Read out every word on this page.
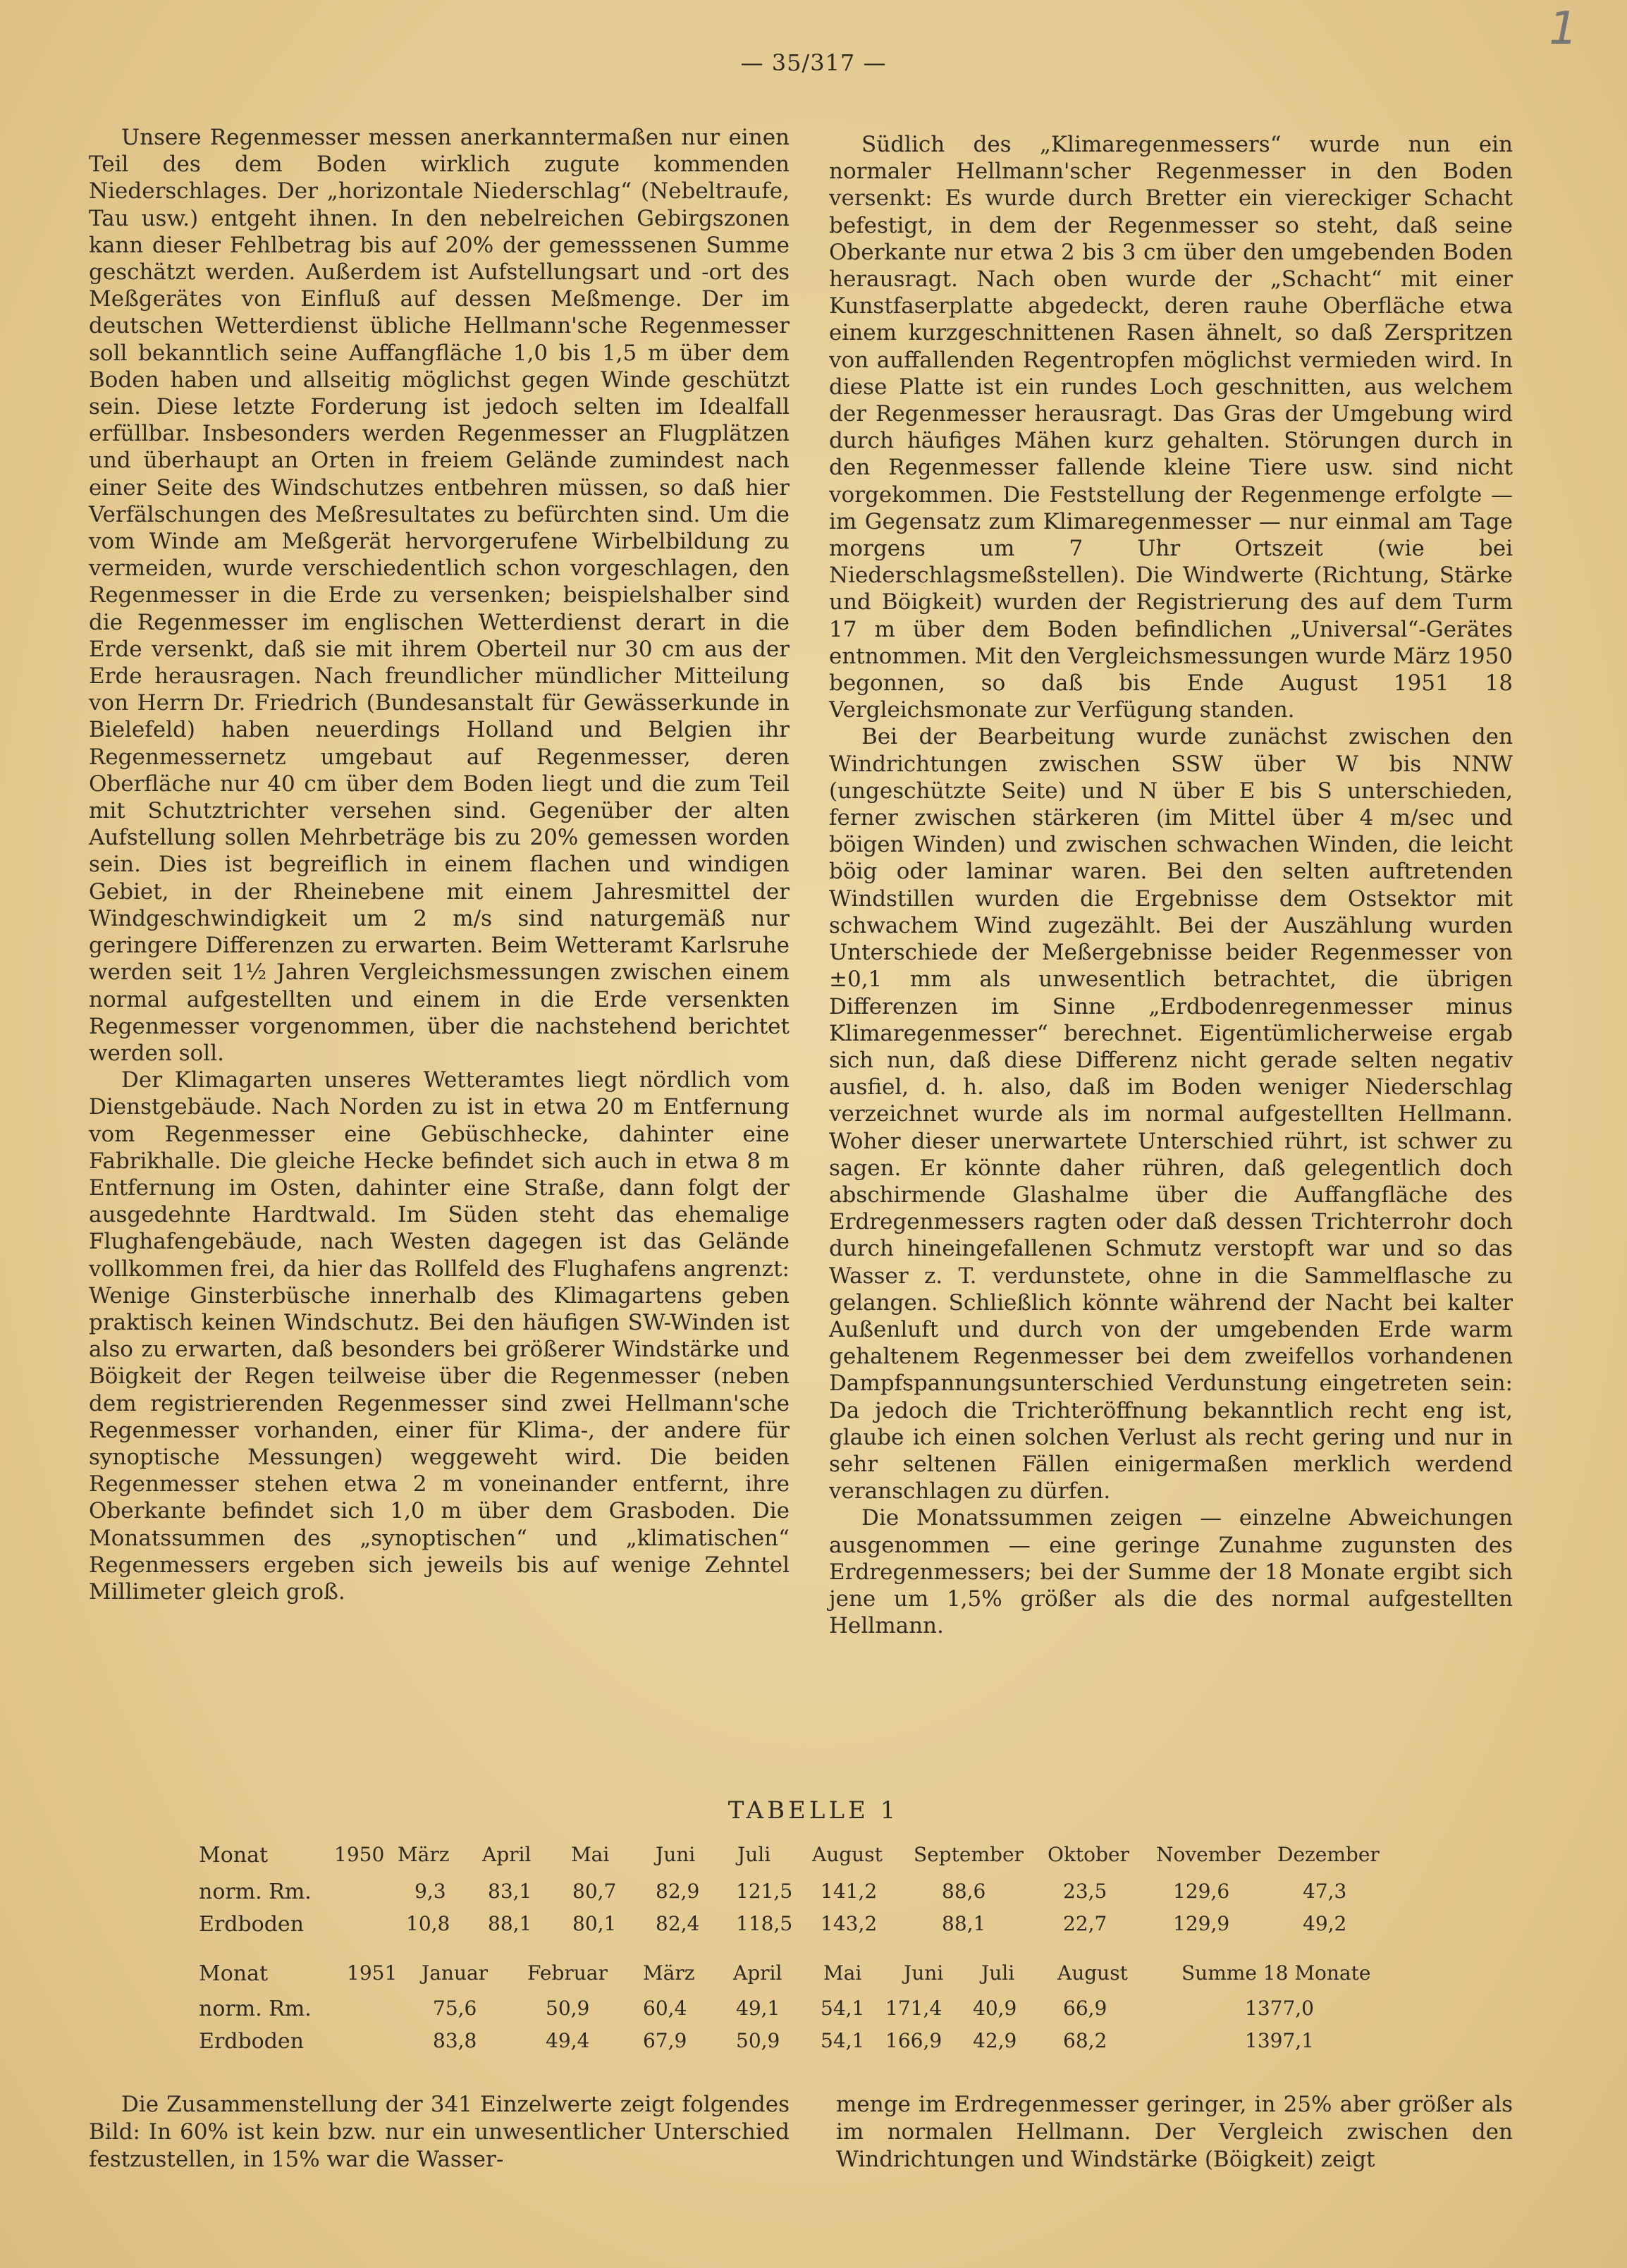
— 35/317 —
1

Unsere Regenmesser messen anerkanntermaßen nur einen Teil des dem Boden wirklich zugute kommenden Niederschlages. Der „horizontale Niederschlag“ (Nebeltraufe, Tau usw.) entgeht ihnen. In den nebelreichen Gebirgszonen kann dieser Fehlbetrag bis auf 20% der gemesssenen Summe geschätzt werden. Außerdem ist Aufstellungsart und -ort des Meßgerätes von Einfluß auf dessen Meßmenge. Der im deutschen Wetterdienst übliche Hellmann'sche Regenmesser soll bekanntlich seine Auffangfläche 1,0 bis 1,5 m über dem Boden haben und allseitig möglichst gegen Winde geschützt sein. Diese letzte Forderung ist jedoch selten im Idealfall erfüllbar. Insbesonders werden Regenmesser an Flugplätzen und überhaupt an Orten in freiem Gelände zumindest nach einer Seite des Windschutzes entbehren müssen, so daß hier Verfälschungen des Meßresultates zu befürchten sind. Um die vom Winde am Meßgerät hervorgerufene Wirbelbildung zu vermeiden, wurde verschiedentlich schon vorgeschlagen, den Regenmesser in die Erde zu versenken; beispielshalber sind die Regenmesser im englischen Wetterdienst derart in die Erde versenkt, daß sie mit ihrem Oberteil nur 30 cm aus der Erde herausragen. Nach freundlicher mündlicher Mitteilung von Herrn Dr. Friedrich (Bundesanstalt für Gewässerkunde in Bielefeld) haben neuerdings Holland und Belgien ihr Regenmessernetz umgebaut auf Regenmesser, deren Oberfläche nur 40 cm über dem Boden liegt und die zum Teil mit Schutztrichter versehen sind. Gegenüber der alten Aufstellung sollen Mehrbeträge bis zu 20% gemessen worden sein. Dies ist begreiflich in einem flachen und windigen Gebiet, in der Rheinebene mit einem Jahresmittel der Windgeschwindigkeit um 2 m/s sind naturgemäß nur geringere Differenzen zu erwarten. Beim Wetteramt Karlsruhe werden seit 1½ Jahren Vergleichsmessungen zwischen einem normal aufgestellten und einem in die Erde versenkten Regenmesser vorgenommen, über die nachstehend berichtet werden soll.

Der Klimagarten unseres Wetteramtes liegt nördlich vom Dienstgebäude. Nach Norden zu ist in etwa 20 m Entfernung vom Regenmesser eine Gebüschhecke, dahinter eine Fabrikhalle. Die gleiche Hecke befindet sich auch in etwa 8 m Entfernung im Osten, dahinter eine Straße, dann folgt der ausgedehnte Hardtwald. Im Süden steht das ehemalige Flughafengebäude, nach Westen dagegen ist das Gelände vollkommen frei, da hier das Rollfeld des Flughafens angrenzt: Wenige Ginsterbüsche innerhalb des Klimagartens geben praktisch keinen Windschutz. Bei den häufigen SW-Winden ist also zu erwarten, daß besonders bei größerer Windstärke und Böigkeit der Regen teilweise über die Regenmesser (neben dem registrierenden Regenmesser sind zwei Hellmann'sche Regenmesser vorhanden, einer für Klima-, der andere für synoptische Messungen) weggeweht wird. Die beiden Regenmesser stehen etwa 2 m voneinander entfernt, ihre Oberkante befindet sich 1,0 m über dem Grasboden. Die Monatssummen des „synoptischen“ und „klimatischen“ Regenmessers ergeben sich jeweils bis auf wenige Zehntel Millimeter gleich groß.

Südlich des „Klimaregenmessers“ wurde nun ein normaler Hellmann'scher Regenmesser in den Boden versenkt: Es wurde durch Bretter ein viereckiger Schacht befestigt, in dem der Regenmesser so steht, daß seine Oberkante nur etwa 2 bis 3 cm über den umgebenden Boden herausragt. Nach oben wurde der „Schacht“ mit einer Kunstfaserplatte abgedeckt, deren rauhe Oberfläche etwa einem kurzgeschnittenen Rasen ähnelt, so daß Zerspritzen von auffallenden Regentropfen möglichst vermieden wird. In diese Platte ist ein rundes Loch geschnitten, aus welchem der Regenmesser herausragt. Das Gras der Umgebung wird durch häufiges Mähen kurz gehalten. Störungen durch in den Regenmesser fallende kleine Tiere usw. sind nicht vorgekommen. Die Feststellung der Regenmenge erfolgte — im Gegensatz zum Klimaregenmesser — nur einmal am Tage morgens um 7 Uhr Ortszeit (wie bei Niederschlagsmeßstellen). Die Windwerte (Richtung, Stärke und Böigkeit) wurden der Registrierung des auf dem Turm 17 m über dem Boden befindlichen „Universal“-Gerätes entnommen. Mit den Vergleichsmessungen wurde März 1950 begonnen, so daß bis Ende August 1951 18 Vergleichsmonate zur Verfügung standen.

Bei der Bearbeitung wurde zunächst zwischen den Windrichtungen zwischen SSW über W bis NNW (ungeschützte Seite) und N über E bis S unterschieden, ferner zwischen stärkeren (im Mittel über 4 m/sec und böigen Winden) und zwischen schwachen Winden, die leicht böig oder laminar waren. Bei den selten auftretenden Windstillen wurden die Ergebnisse dem Ostsektor mit schwachem Wind zugezählt. Bei der Auszählung wurden Unterschiede der Meßergebnisse beider Regenmesser von ±0,1 mm als unwesentlich betrachtet, die übrigen Differenzen im Sinne „Erdbodenregenmesser minus Klimaregenmesser“ berechnet. Eigentümlicherweise ergab sich nun, daß diese Differenz nicht gerade selten negativ ausfiel, d. h. also, daß im Boden weniger Niederschlag verzeichnet wurde als im normal aufgestellten Hellmann. Woher dieser unerwartete Unterschied rührt, ist schwer zu sagen. Er könnte daher rühren, daß gelegentlich doch abschirmende Glashalme über die Auffangfläche des Erdregenmessers ragten oder daß dessen Trichterrohr doch durch hineingefallenen Schmutz verstopft war und so das Wasser z. T. verdunstete, ohne in die Sammelflasche zu gelangen. Schließlich könnte während der Nacht bei kalter Außenluft und durch von der umgebenden Erde warm gehaltenem Regenmesser bei dem zweifellos vorhandenen Dampfspannungsunterschied Verdunstung eingetreten sein: Da jedoch die Trichteröffnung bekanntlich recht eng ist, glaube ich einen solchen Verlust als recht gering und nur in sehr seltenen Fällen einigermaßen merklich werdend veranschlagen zu dürfen.

Die Monatssummen zeigen — einzelne Abweichungen ausgenommen — eine geringe Zunahme zugunsten des Erdregenmessers; bei der Summe der 18 Monate ergibt sich jene um 1,5% größer als die des normal aufgestellten Hellmann.

TABELLE 1
Monat	1950 März April Mai Juni Juli August September Oktober November Dezember
norm. Rm.	9,3 83,1 80,7 82,9 121,5 141,2	88,6	23,5	129,6	47,3
Erdboden	10,8 88,1 80,1 82,4 118,5 143,2	88,1	22,7	129,9	49,2
Monat	1951 Januar Februar März April Mai Juni Juli August	Summe 18 Monate
norm. Rm.	75,6	50,9	60,4 49,1 54,1 171,4 40,9 66,9	1377,0
Erdboden	83,8	49,4	67,9 50,9 54,1 166,9 42,9 68,2	1397,1

Die Zusammenstellung der 341 Einzelwerte zeigt folgendes Bild: In 60% ist kein bzw. nur ein unwesentlicher Unterschied festzustellen, in 15% war die Wasser-

menge im Erdregenmesser geringer, in 25% aber größer als im normalen Hellmann. Der Vergleich zwischen den Windrichtungen und Windstärke (Böigkeit) zeigt
